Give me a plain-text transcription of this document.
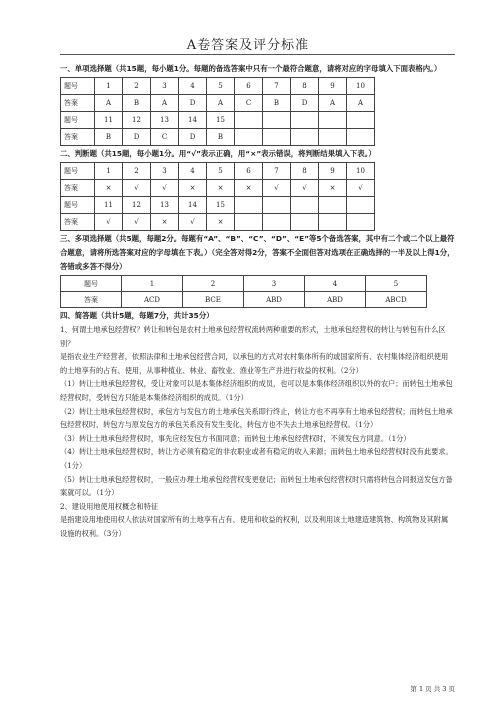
A卷答案及评分标准

一、单项选择题（共15题，每小题1分。每题的备选答案中只有一个最符合题意，请将对应的字母填入下面表格内。）

题号	1	2	3	4	5	6	7	8	9	10
答案	A	B	A	D	A	C	B	D	A	A
题号	11	12	13	14	15					
答案	B	D	C	D	B					

二、判断题（共15题，每小题1分。用“√”表示正确，用“×”表示错误，将判断结果填入下表。）

题号	1	2	3	4	5	6	7	8	9	10
答案	×	√	√	×	×	×	√	√	×	√
题号	11	12	13	14	15					
答案	√	√	×	√	×					

三、多项选择题（共5题，每题2分。每题有“A”、“B”、“C”、“D”、“E”等5个备选答案，其中有二个或二个以上最符合题意，请将所选答案对应的字母填在下表。）（完全答对得2分，答案不全面但答对选项在正确选择的一半及以上得1分，答错或多答不得分）

题号	1	2	3	4	5
答案	ACD	BCE	ABD	ABD	ABCD

四、简答题（共计5题，每题7分，共计35分）

1、何谓土地承包经营权？转让和转包是农村土地承包经营权流转两种重要的形式，土地承包经营权的转让与转包有什么区别？

是指农业生产经营者，依照法律和土地承包经营合同，以承包的方式对农村集体所有的或国家所有、农村集体经济组织使用的土地享有的占有、使用，从事种植业、林业、畜牧业、渔业等生产并进行收益的权利。（2分）

（1）转让土地承包经营权，受让对象可以是本集体经济组织的成员，也可以是本集体经济组织以外的农户；而转包土地承包经营权时，受转包方只能是本集体经济组织的成员。（1分）

（2）转让土地承包经营权时，承包方与发包方的土地承包关系即行终止，转让方也不再享有土地承包经营权；而转包土地承包经营权时，转包方与原发包方的承包关系没有发生变化，转包方也不失去土地承包经营权。（1分）

（3）转让土地承包经营权时，事先应经发包方书面同意；而转包土地承包经营权时，不须发包方同意。（1分）

（4）转让土地承包经营权时，转让方必须有稳定的非农职业或者有稳定的收入来源；而转包土地承包经营权时没有此要求。（1分）

（5）转让土地承包经营权时，一般应办理土地承包经营权变更登记；而转包土地承包经营权时只需将转包合同报送发包方备案就可以。（1分）

2、建设用地使用权概念和特征

是指建设用地使用权人依法对国家所有的土地享有占有、使用和收益的权利，以及利用该土地建造建筑物、构筑物及其附属设施的权利。（3分）

第 1 页 共 3 页
